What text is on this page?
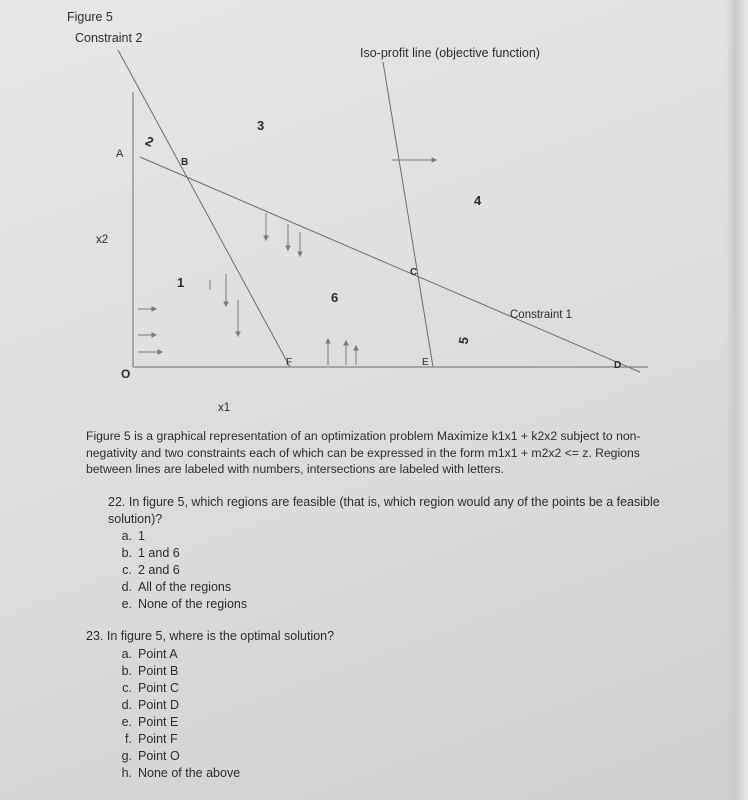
Figure 5
Constraint 2
Iso-profit line (objective function)
Constraint 1
x2
x1
A
B
C
D
E
F
O
1
2
3
4
5
6
Figure 5 is a graphical representation of an optimization problem Maximize k1x1 + k2x2 subject to non-negativity and two constraints each of which can be expressed in the form m1x1 + m2x2 <= z. Regions between lines are labeled with numbers, intersections are labeled with letters.
22. In figure 5, which regions are feasible (that is, which region would any of the points be a feasible solution)?
a. 1
b. 1 and 6
c. 2 and 6
d. All of the regions
e. None of the regions
23. In figure 5, where is the optimal solution?
a. Point A
b. Point B
c. Point C
d. Point D
e. Point E
f. Point F
g. Point O
h. None of the above
